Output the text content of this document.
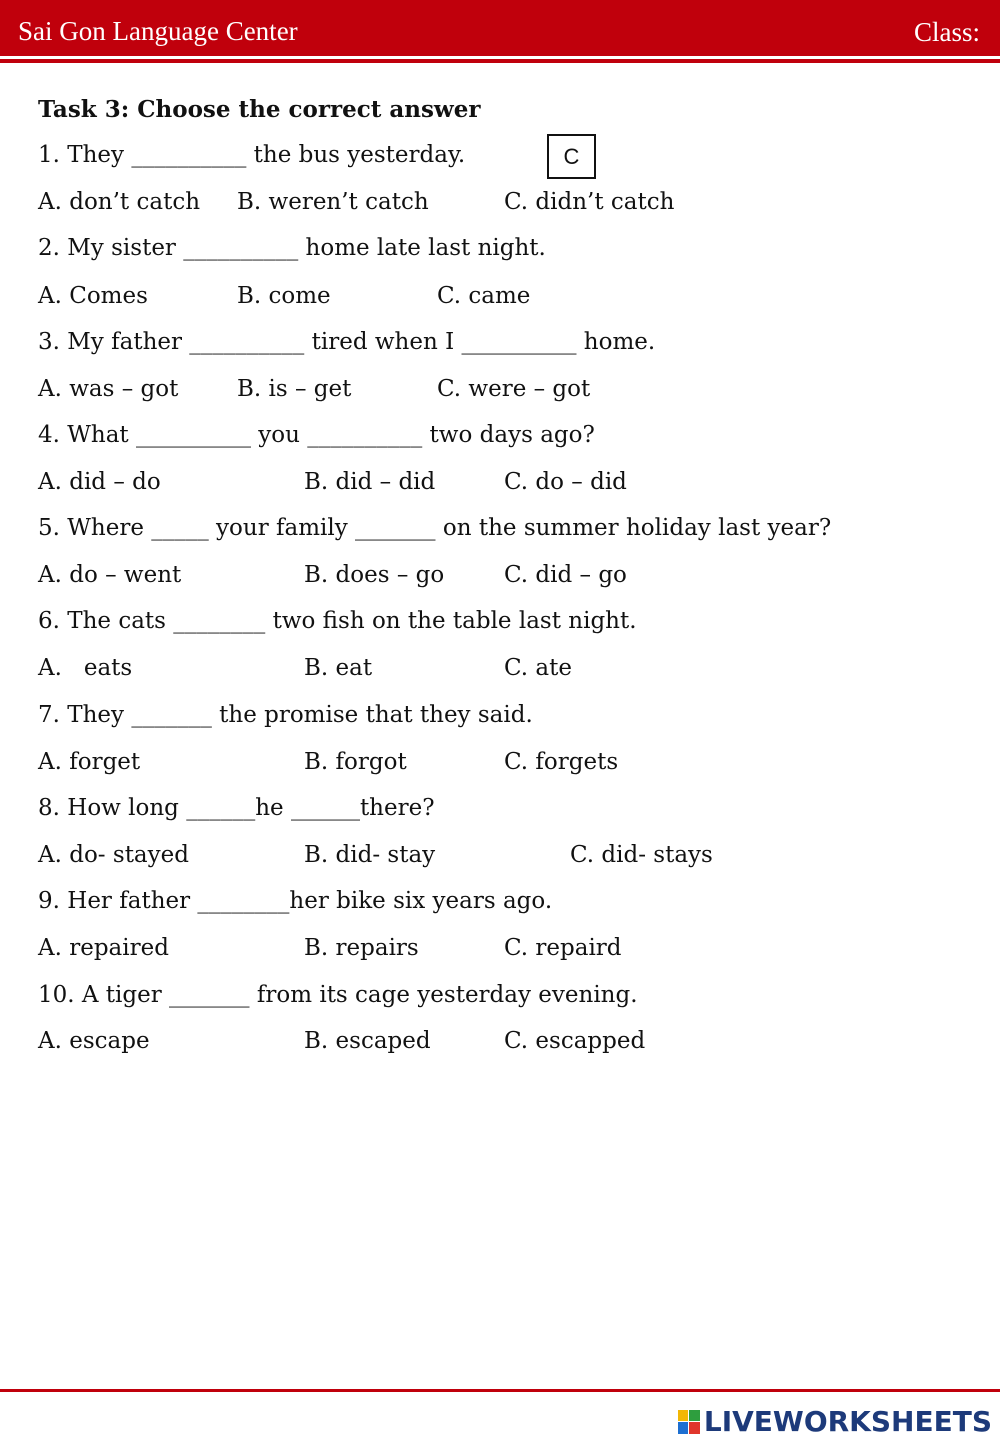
Sai Gon Language Center	Class:
Task 3: Choose the correct answer
C
1. They __________ the bus yesterday.
A. don’t catch B. weren’t catch	C. didn’t catch
2. My sister __________ home late last night.
A. Comes	B. come	C. came
3. My father __________ tired when I __________ home.
A. was – got	B. is – get	C. were – got
4. What __________ you __________ two days ago?
A. did – do	B. did – did	C. do – did
5. Where _____ your family _______ on the summer holiday last year?
A. do – went	B. does – go	C. did – go
6. The cats ________ two fish on the table last night.
A.   eats	B. eat	C. ate
7. They _______ the promise that they said.
A. forget	B. forgot	C. forgets
8. How long ______he ______there?
A. do- stayed	B. did- stay	C. did- stays
9. Her father ________her bike six years ago.
A. repaired	B. repairs	C. repaird
10. A tiger _______ from its cage yesterday evening.
A. escape	B. escaped	C. escapped
LIVEWORKSHEETS
